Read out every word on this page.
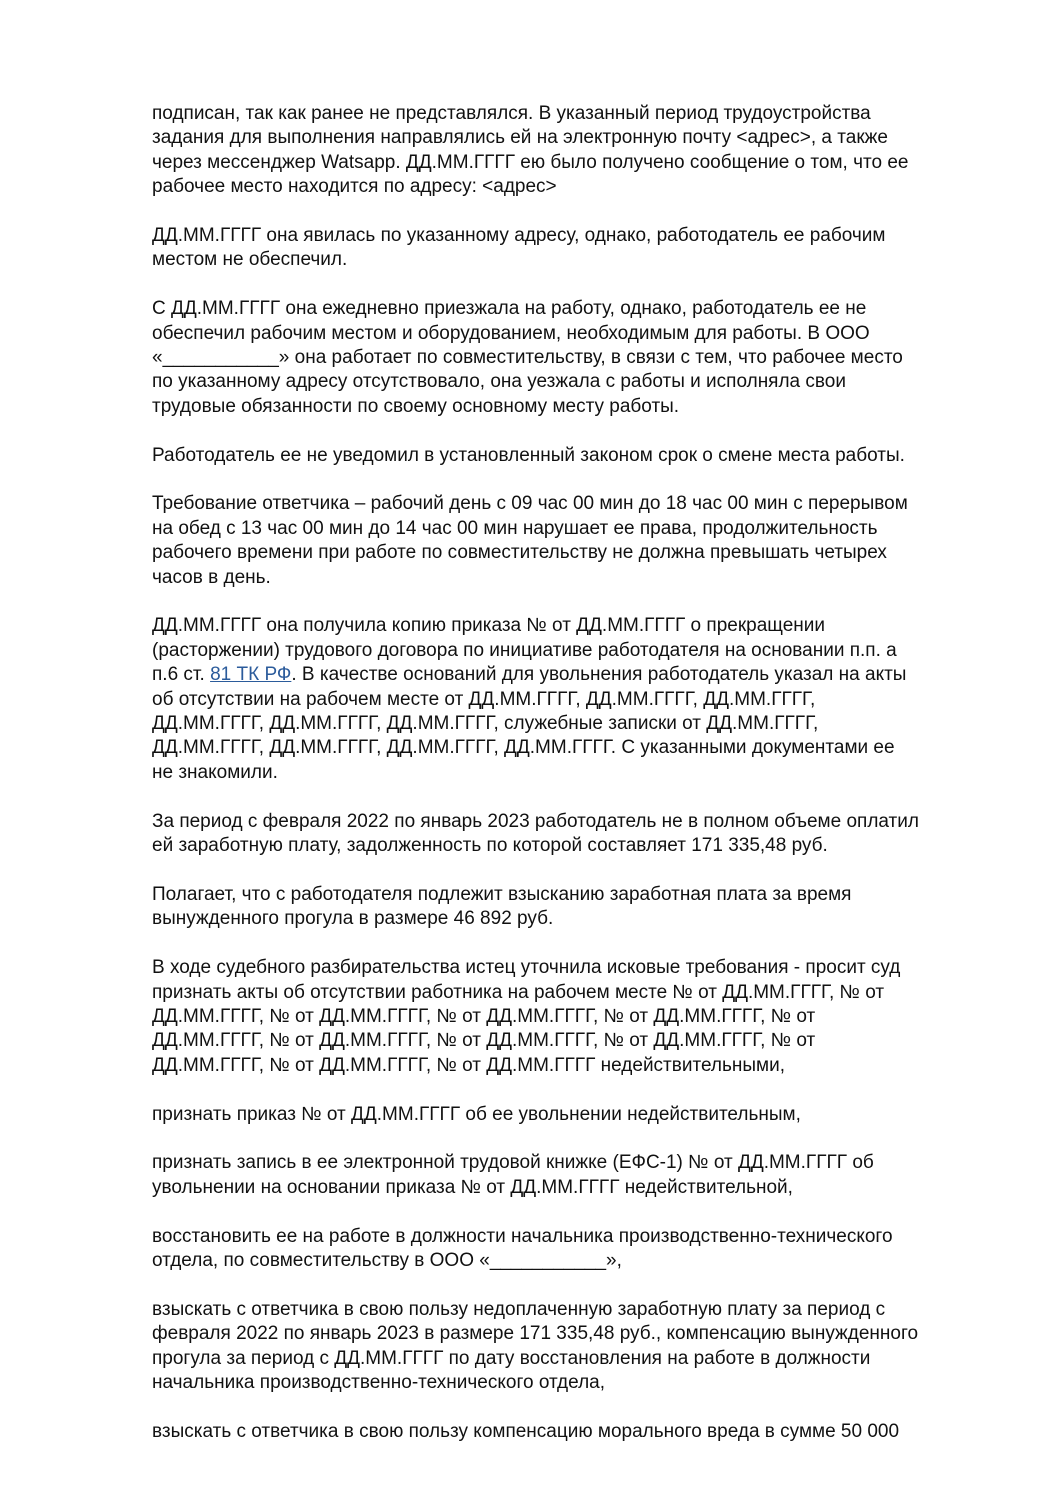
подписан, так как ранее не представлялся. В указанный период трудоустройства
задания для выполнения направлялись ей на электронную почту <адрес>, а также
через мессенджер Watsapp. ДД.ММ.ГГГГ ею было получено сообщение о том, что ее
рабочее место находится по адресу: <адрес>

ДД.ММ.ГГГГ она явилась по указанному адресу, однако, работодатель ее рабочим
местом не обеспечил.

С ДД.ММ.ГГГГ она ежедневно приезжала на работу, однако, работодатель ее не
обеспечил рабочим местом и оборудованием, необходимым для работы. В ООО
«___________» она работает по совместительству, в связи с тем, что рабочее место
по указанному адресу отсутствовало, она уезжала с работы и исполняла свои
трудовые обязанности по своему основному месту работы.

Работодатель ее не уведомил в установленный законом срок о смене места работы.

Требование ответчика – рабочий день с 09 час 00 мин до 18 час 00 мин с перерывом
на обед с 13 час 00 мин до 14 час 00 мин нарушает ее права, продолжительность
рабочего времени при работе по совместительству не должна превышать четырех
часов в день.

ДД.ММ.ГГГГ она получила копию приказа № от ДД.ММ.ГГГГ о прекращении
(расторжении) трудового договора по инициативе работодателя на основании п.п. а
п.6 ст. 81 ТК РФ. В качестве оснований для увольнения работодатель указал на акты
об отсутствии на рабочем месте от ДД.ММ.ГГГГ, ДД.ММ.ГГГГ, ДД.ММ.ГГГГ,
ДД.ММ.ГГГГ, ДД.ММ.ГГГГ, ДД.ММ.ГГГГ, служебные записки от ДД.ММ.ГГГГ,
ДД.ММ.ГГГГ, ДД.ММ.ГГГГ, ДД.ММ.ГГГГ, ДД.ММ.ГГГГ. С указанными документами ее
не знакомили.

За период с февраля 2022 по январь 2023 работодатель не в полном объеме оплатил
ей заработную плату, задолженность по которой составляет 171 335,48 руб.

Полагает, что с работодателя подлежит взысканию заработная плата за время
вынужденного прогула в размере 46 892 руб.

В ходе судебного разбирательства истец уточнила исковые требования - просит суд
признать акты об отсутствии работника на рабочем месте № от ДД.ММ.ГГГГ, № от
ДД.ММ.ГГГГ, № от ДД.ММ.ГГГГ, № от ДД.ММ.ГГГГ, № от ДД.ММ.ГГГГ, № от
ДД.ММ.ГГГГ, № от ДД.ММ.ГГГГ, № от ДД.ММ.ГГГГ, № от ДД.ММ.ГГГГ, № от
ДД.ММ.ГГГГ, № от ДД.ММ.ГГГГ, № от ДД.ММ.ГГГГ недействительными,

признать приказ № от ДД.ММ.ГГГГ об ее увольнении недействительным,

признать запись в ее электронной трудовой книжке (ЕФС-1) № от ДД.ММ.ГГГГ об
увольнении на основании приказа № от ДД.ММ.ГГГГ недействительной,

восстановить ее на работе в должности начальника производственно-технического
отдела, по совместительству в ООО «___________»,

взыскать с ответчика в свою пользу недоплаченную заработную плату за период с
февраля 2022 по январь 2023 в размере 171 335,48 руб., компенсацию вынужденного
прогула за период с ДД.ММ.ГГГГ по дату восстановления на работе в должности
начальника производственно-технического отдела,

взыскать с ответчика в свою пользу компенсацию морального вреда в сумме 50 000
